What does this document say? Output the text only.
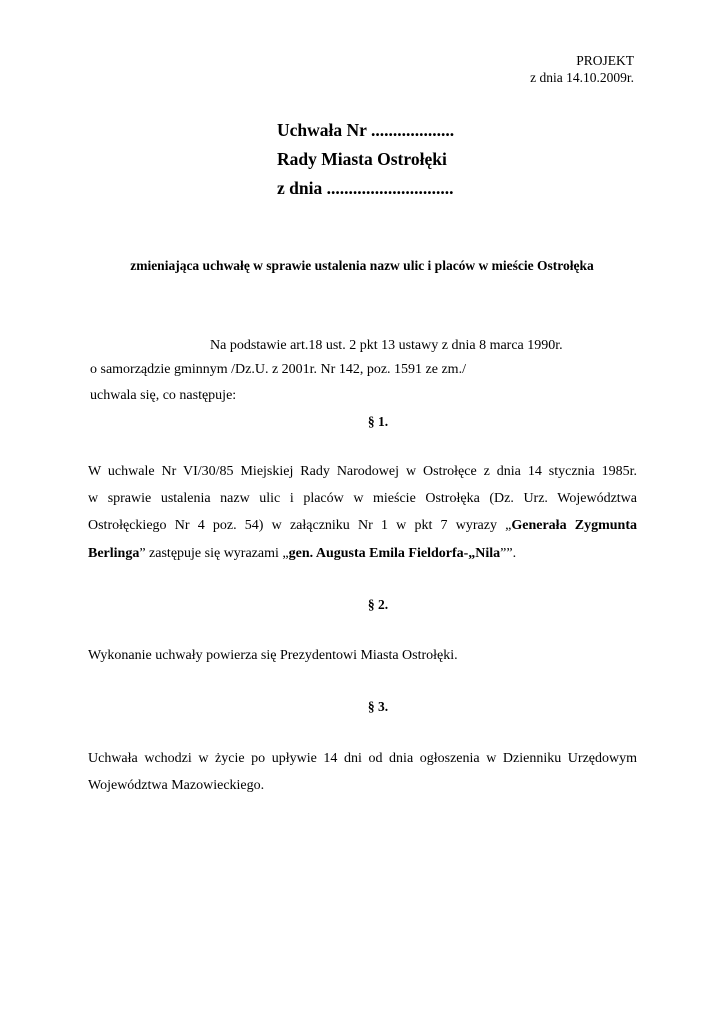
PROJEKT
z dnia 14.10.2009r.
Uchwała Nr ...................
Rady Miasta Ostrołęki
z dnia .............................
zmieniająca uchwałę w sprawie ustalenia nazw ulic i placów w mieście Ostrołęka
Na podstawie art.18 ust. 2 pkt 13 ustawy z dnia 8 marca 1990r.
o samorządzie gminnym /Dz.U. z 2001r. Nr 142, poz. 1591 ze zm./
uchwala się, co następuje:
§ 1.
W uchwale Nr VI/30/85 Miejskiej Rady Narodowej w Ostrołęce z dnia 14 stycznia 1985r.
w sprawie ustalenia nazw ulic i placów w mieście Ostrołęka (Dz. Urz. Województwa
Ostrołęckiego Nr 4 poz. 54) w załączniku Nr 1 w pkt 7 wyrazy „Generała Zygmunta
Berlinga” zastępuje się wyrazami „gen. Augusta Emila Fieldorfa-„Nila””.
§ 2.
Wykonanie uchwały powierza się Prezydentowi Miasta Ostrołęki.
§ 3.
Uchwała wchodzi w życie po upływie 14 dni od dnia ogłoszenia w Dzienniku Urzędowym
Województwa Mazowieckiego.
